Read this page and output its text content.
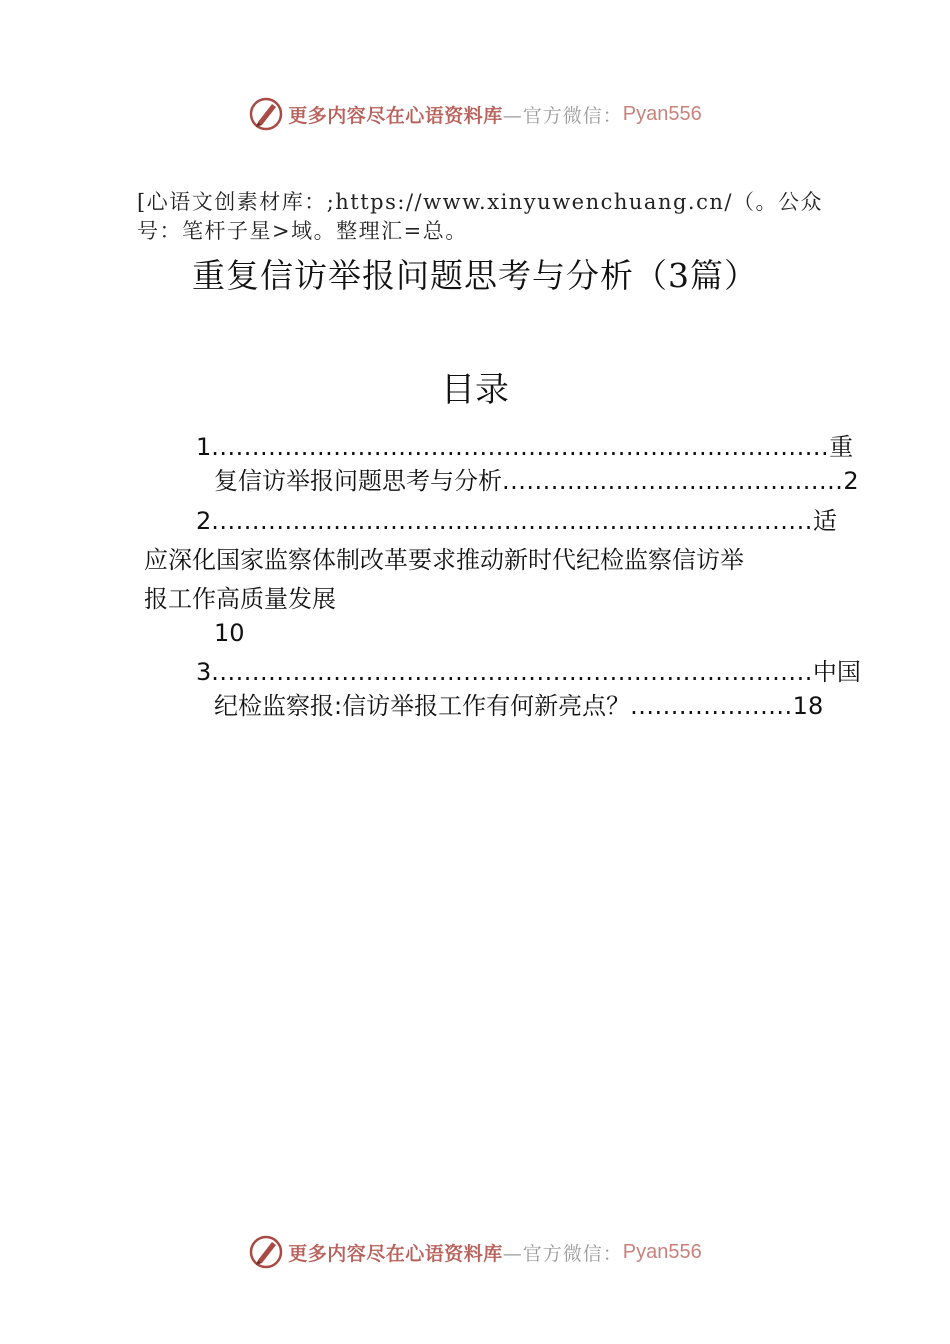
更多内容尽在心语资料库 —官方微信： Pyan556
[心语文创素材库：;https://www.xinyuwenchuang.cn/（。公众号：笔杆子星>域。整理汇=总。
重复信访举报问题思考与分析（3篇）
目录
1............................................................................重
复信访举报问题思考与分析..........................................2
2..........................................................................适
应深化国家监察体制改革要求推动新时代纪检监察信访举
报工作高质量发展
10
3..........................................................................中国
纪检监察报:信访举报工作有何新亮点？....................18
更多内容尽在心语资料库 —官方微信： Pyan556
